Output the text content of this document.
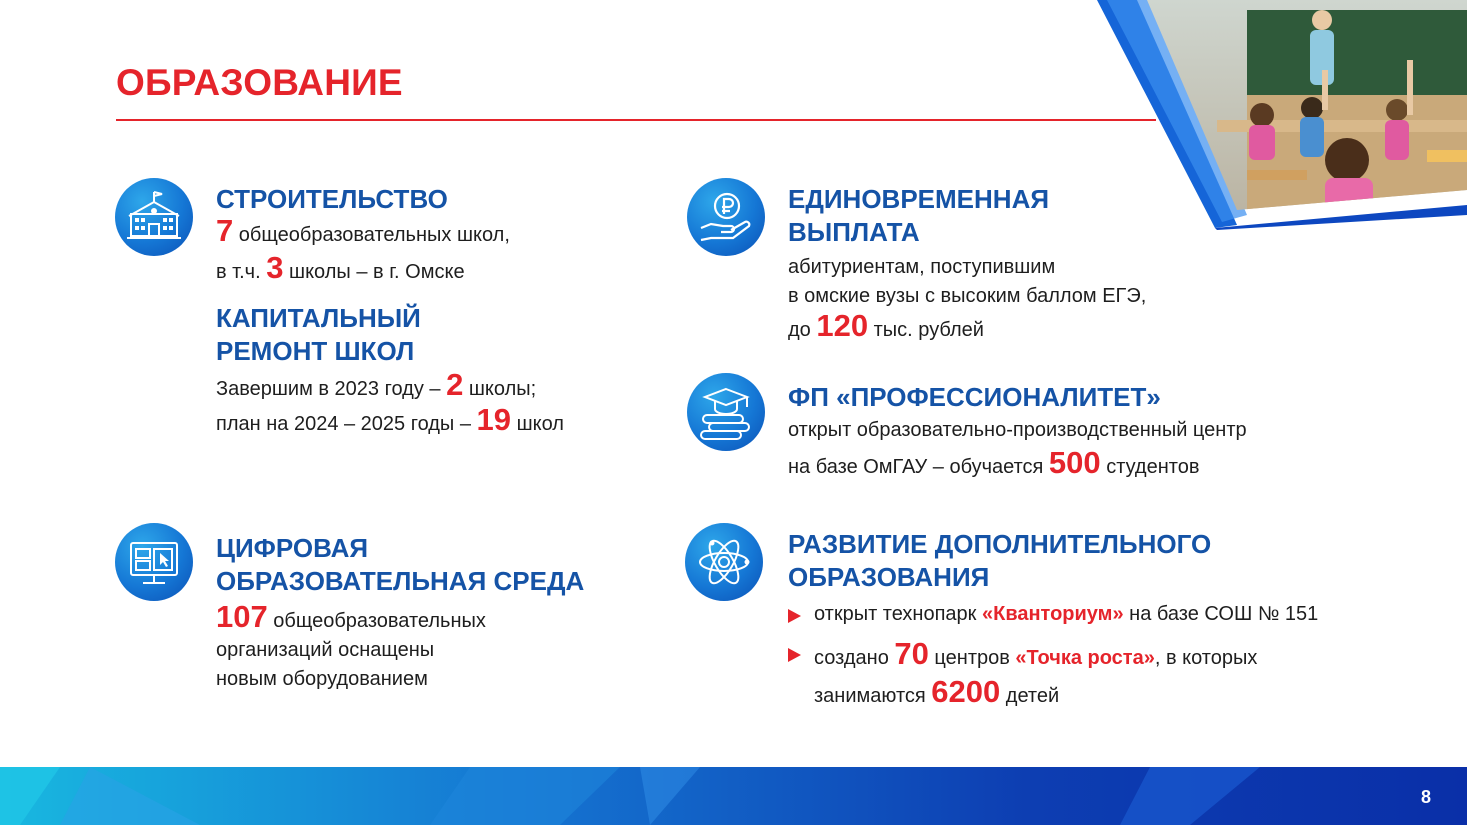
ОБРАЗОВАНИЕ
СТРОИТЕЛЬСТВО
7 общеобразовательных школ,
в т.ч. 3 школы – в г. Омске
КАПИТАЛЬНЫЙ
РЕМОНТ ШКОЛ
Завершим в 2023 году – 2 школы;
план на 2024 – 2025 годы – 19 школ
ЦИФРОВАЯ
ОБРАЗОВАТЕЛЬНАЯ СРЕДА
107 общеобразовательных
организаций оснащены
новым оборудованием
ЕДИНОВРЕМЕННАЯ
ВЫПЛАТА
абитуриентам, поступившим
в омские вузы с высоким баллом ЕГЭ,
до 120 тыс. рублей
ФП «ПРОФЕССИОНАЛИТЕТ»
открыт образовательно-производственный центр
на базе ОмГАУ – обучается 500 студентов
РАЗВИТИЕ ДОПОЛНИТЕЛЬНОГО
ОБРАЗОВАНИЯ
открыт технопарк «Кванториум» на базе СОШ № 151
создано 70 центров «Точка роста», в которых
занимаются 6200 детей
8
